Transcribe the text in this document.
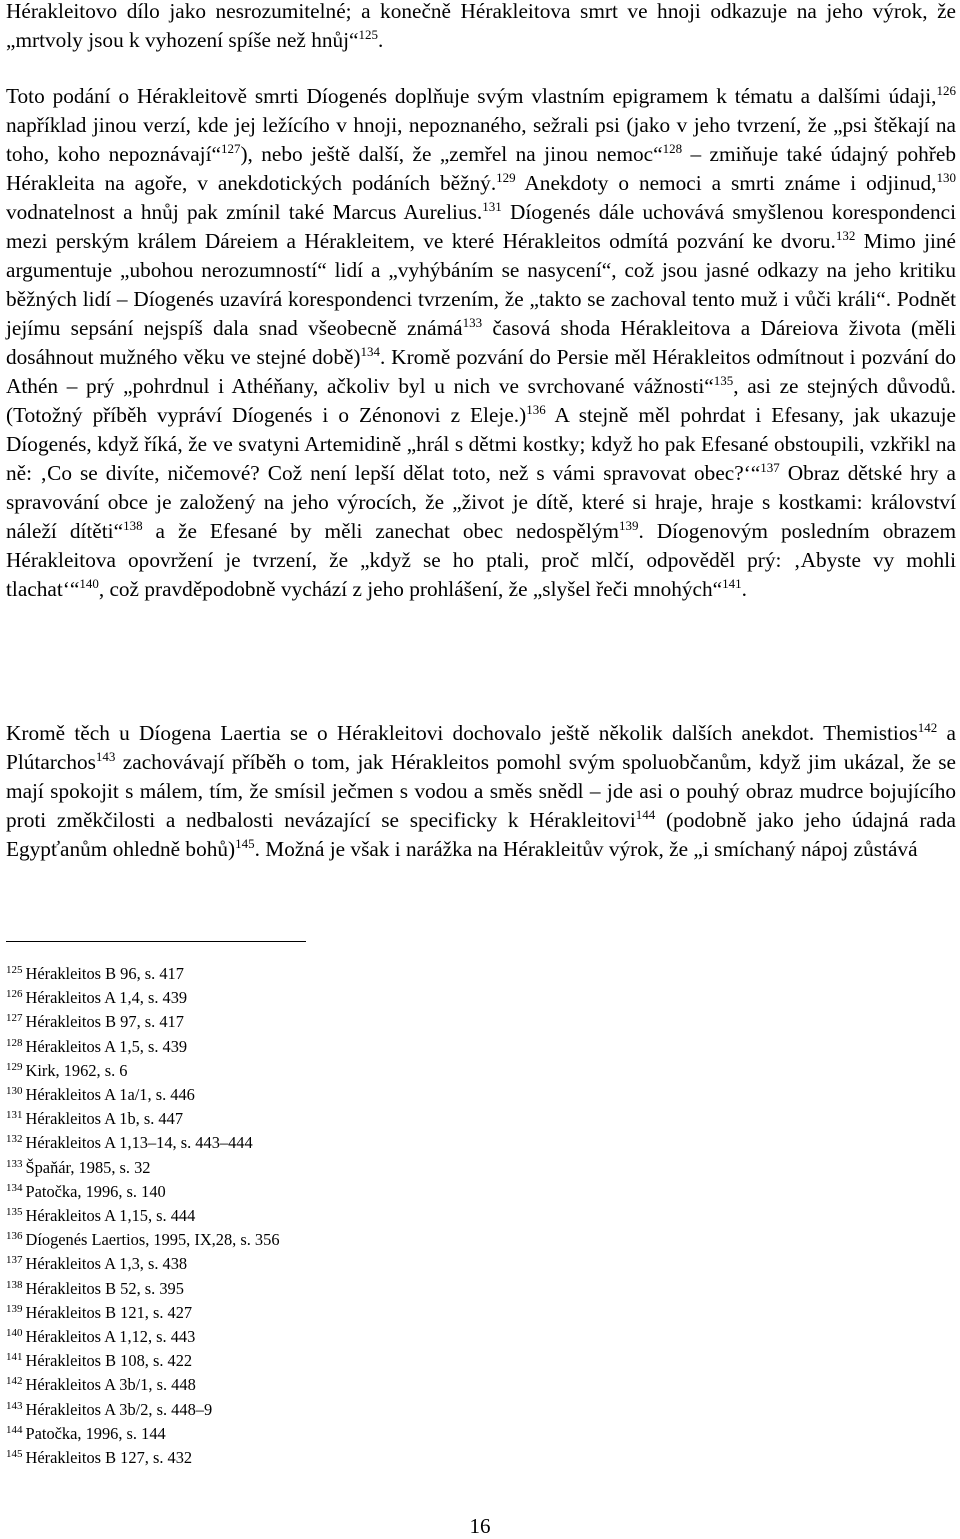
Hérakleitovo dílo jako nesrozumitelné; a konečně Hérakleitova smrt ve hnoji odkazuje na jeho výrok, že „mrtvoly jsou k vyhození spíše než hnůj“$^{125}$.

Toto podání o Hérakleitově smrti Díogenés doplňuje svým vlastním epigramem k tématu a dalšími údaji,$^{126}$ například jinou verzí, kde jej ležícího v hnoji, nepoznaného, sežrali psi (jako v jeho tvrzení, že „psi štěkají na toho, koho nepoznávají“$^{127}$), nebo ještě další, že „zemřel na jinou nemoc“$^{128}$ – zmiňuje také údajný pohřeb Hérakleita na agoře, v anekdotických podáních běžný.$^{129}$ Anekdoty o nemoci a smrti známe i odjinud,$^{130}$ vodnatelnost a hnůj pak zmínil také Marcus Aurelius.$^{131}$ Díogenés dále uchovává smyšlenou korespondenci mezi perským králem Dáreiem a Hérakleitem, ve které Hérakleitos odmítá pozvání ke dvoru.$^{132}$ Mimo jiné argumentuje „ubohou nerozumností“ lidí a „vyhýbáním se nasycení“, což jsou jasné odkazy na jeho kritiku běžných lidí – Díogenés uzavírá korespondenci tvrzením, že „takto se zachoval tento muž i vůči králi“. Podnět jejímu sepsání nejspíš dala snad všeobecně známá$^{133}$ časová shoda Hérakleitova a Dáreiova života (měli dosáhnout mužného věku ve stejné době)$^{134}$. Kromě pozvání do Persie měl Hérakleitos odmítnout i pozvání do Athén – prý „pohrdnul i Athéňany, ačkoliv byl u nich ve svrchované vážnosti“$^{135}$, asi ze stejných důvodů. (Totožný příběh vypráví Díogenés i o Zénonovi z Eleje.)$^{136}$ A stejně měl pohrdat i Efesany, jak ukazuje Díogenés, když říká, že ve svatyni Artemidině „hrál s dětmi kostky; když ho pak Efesané obstoupili, vzkřikl na ně: ‚Co se divíte, ničemové? Což není lepší dělat toto, než s vámi spravovat obec?‘“$^{137}$ Obraz dětské hry a spravování obce je založený na jeho výrocích, že „život je dítě, které si hraje, hraje s kostkami: království náleží dítěti“$^{138}$ a že Efesané by měli zanechat obec nedospělým$^{139}$. Díogenovým posledním obrazem Hérakleitova opovržení je tvrzení, že „když se ho ptali, proč mlčí, odpověděl prý: ‚Abyste vy mohli tlachat‘“$^{140}$, což pravděpodobně vychází z jeho prohlášení, že „slyšel řeči mnohých“$^{141}$.

Kromě těch u Díogena Laertia se o Hérakleitovi dochovalo ještě několik dalších anekdot. Themistios$^{142}$ a Plútarchos$^{143}$ zachovávají příběh o tom, jak Hérakleitos pomohl svým spoluobčanům, když jim ukázal, že se mají spokojit s málem, tím, že smísil ječmen s vodou a směs snědl – jde asi o pouhý obraz mudrce bojujícího proti změkčilosti a nedbalosti nevázající se specificky k Hérakleitovi$^{144}$ (podobně jako jeho údajná rada Egypťanům ohledně bohů)$^{145}$. Možná je však i narážka na Hérakleitův výrok, že „i smíchaný nápoj zůstává

$^{125}$ Hérakleitos B 96, s. 417
$^{126}$ Hérakleitos A 1,4, s. 439
$^{127}$ Hérakleitos B 97, s. 417
$^{128}$ Hérakleitos A 1,5, s. 439
$^{129}$ Kirk, 1962, s. 6
$^{130}$ Hérakleitos A 1a/1, s. 446
$^{131}$ Hérakleitos A 1b, s. 447
$^{132}$ Hérakleitos A 1,13–14, s. 443–444
$^{133}$ Špaňár, 1985, s. 32
$^{134}$ Patočka, 1996, s. 140
$^{135}$ Hérakleitos A 1,15, s. 444
$^{136}$ Díogenés Laertios, 1995, IX,28, s. 356
$^{137}$ Hérakleitos A 1,3, s. 438
$^{138}$ Hérakleitos B 52, s. 395
$^{139}$ Hérakleitos B 121, s. 427
$^{140}$ Hérakleitos A 1,12, s. 443
$^{141}$ Hérakleitos B 108, s. 422
$^{142}$ Hérakleitos A 3b/1, s. 448
$^{143}$ Hérakleitos A 3b/2, s. 448–9
$^{144}$ Patočka, 1996, s. 144
$^{145}$ Hérakleitos B 127, s. 432
16
